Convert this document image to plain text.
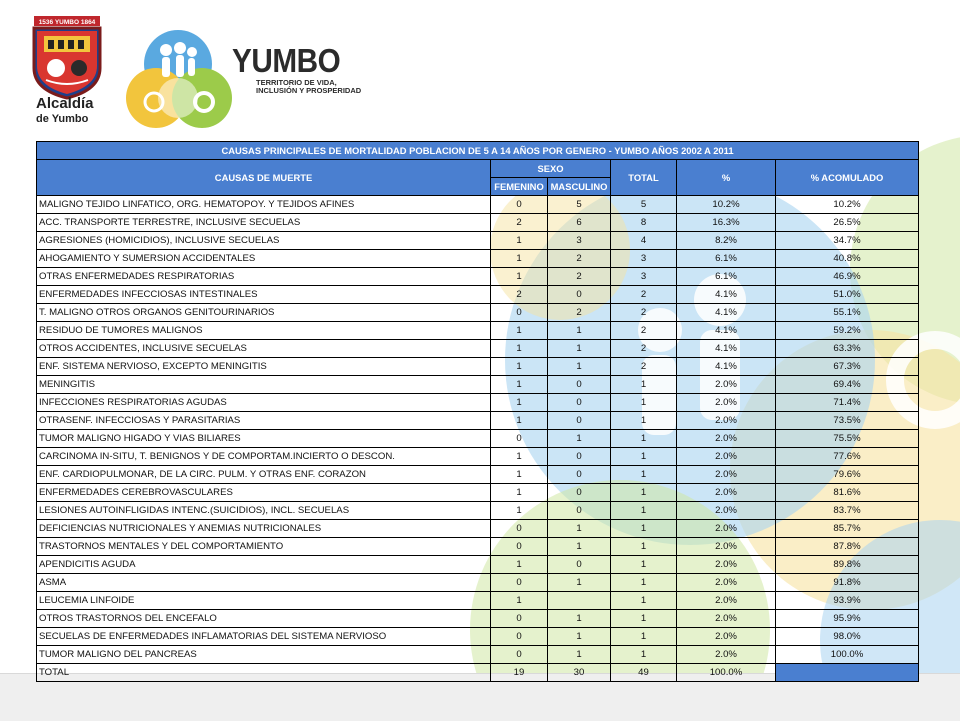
1536 YUMBO 1864
Alcaldía
de Yumbo
YUMBO
TERRITORIO DE VIDA, INCLUSIÓN Y PROSPERIDAD
CAUSAS PRINCIPALES DE MORTALIDAD POBLACION DE 5 A 14 AÑOS POR GENERO - YUMBO AÑOS 2002 A 2011					
CAUSAS DE MUERTE	SEXO		TOTAL	%	% ACOMULADO
	FEMENINO	MASCULINO			
MALIGNO TEJIDO LINFATICO, ORG. HEMATOPOY. Y TEJIDOS AFINES	0	5	5	10.2%	10.2%
ACC. TRANSPORTE TERRESTRE, INCLUSIVE SECUELAS	2	6	8	16.3%	26.5%
AGRESIONES (HOMICIDIOS), INCLUSIVE SECUELAS	1	3	4	8.2%	34.7%
AHOGAMIENTO Y SUMERSION ACCIDENTALES	1	2	3	6.1%	40.8%
OTRAS ENFERMEDADES RESPIRATORIAS	1	2	3	6.1%	46.9%
ENFERMEDADES INFECCIOSAS INTESTINALES	2	0	2	4.1%	51.0%
T. MALIGNO OTROS ORGANOS GENITOURINARIOS	0	2	2	4.1%	55.1%
RESIDUO DE TUMORES MALIGNOS	1	1	2	4.1%	59.2%
OTROS ACCIDENTES, INCLUSIVE SECUELAS	1	1	2	4.1%	63.3%
ENF. SISTEMA NERVIOSO, EXCEPTO MENINGITIS	1	1	2	4.1%	67.3%
MENINGITIS	1	0	1	2.0%	69.4%
INFECCIONES RESPIRATORIAS AGUDAS	1	0	1	2.0%	71.4%
OTRASENF. INFECCIOSAS Y PARASITARIAS	1	0	1	2.0%	73.5%
TUMOR MALIGNO HIGADO Y VIAS BILIARES	0	1	1	2.0%	75.5%
CARCINOMA IN-SITU, T. BENIGNOS Y DE COMPORTAM.INCIERTO O DESCON.	1	0	1	2.0%	77.6%
ENF. CARDIOPULMONAR, DE LA CIRC. PULM. Y OTRAS ENF. CORAZON	1	0	1	2.0%	79.6%
ENFERMEDADES CEREBROVASCULARES	1	0	1	2.0%	81.6%
LESIONES AUTOINFLIGIDAS INTENC.(SUICIDIOS), INCL. SECUELAS	1	0	1	2.0%	83.7%
DEFICIENCIAS NUTRICIONALES Y ANEMIAS NUTRICIONALES	0	1	1	2.0%	85.7%
TRASTORNOS MENTALES Y DEL COMPORTAMIENTO	0	1	1	2.0%	87.8%
APENDICITIS AGUDA	1	0	1	2.0%	89.8%
ASMA	0	1	1	2.0%	91.8%
LEUCEMIA LINFOIDE	1		1	2.0%	93.9%
OTROS TRASTORNOS DEL ENCEFALO	0	1	1	2.0%	95.9%
SECUELAS DE ENFERMEDADES INFLAMATORIAS DEL SISTEMA NERVIOSO	0	1	1	2.0%	98.0%
TUMOR MALIGNO DEL PANCREAS	0	1	1	2.0%	100.0%
TOTAL	19	30	49	100.0%	
